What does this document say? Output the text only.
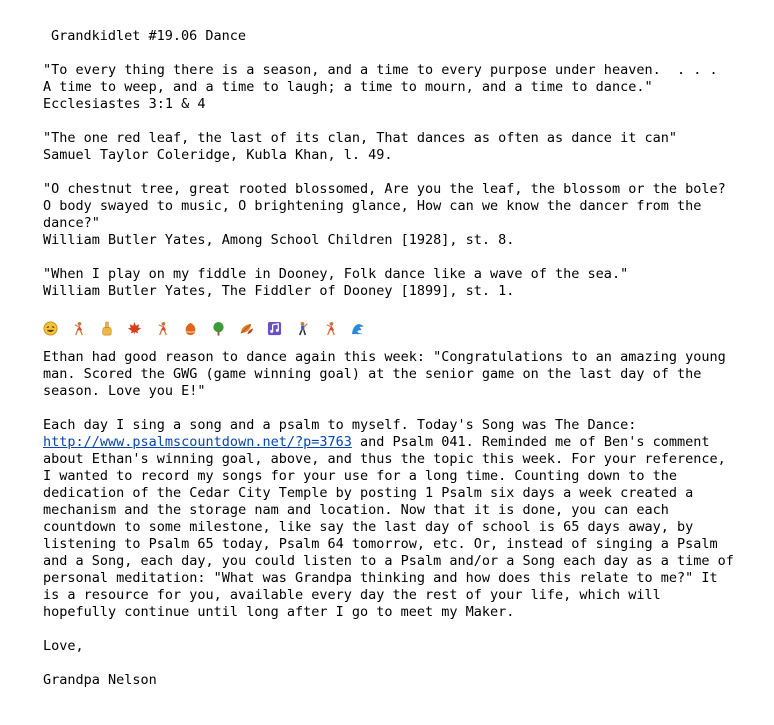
Grandkidlet #19.06 Dance
"To every thing there is a season, and a time to every purpose under heaven.  . . .
A time to weep, and a time to laugh; a time to mourn, and a time to dance."
Ecclesiastes 3:1 & 4
"The one red leaf, the last of its clan, That dances as often as dance it can"
Samuel Taylor Coleridge, Kubla Khan, l. 49.
"O chestnut tree, great rooted blossomed, Are you the leaf, the blossom or the bole?
O body swayed to music, O brightening glance, How can we know the dancer from the
dance?"
William Butler Yates, Among School Children [1928], st. 8.
"When I play on my fiddle in Dooney, Folk dance like a wave of the sea."
William Butler Yates, The Fiddler of Dooney [1899], st. 1.
Ethan had good reason to dance again this week: "Congratulations to an amazing young
man. Scored the GWG (game winning goal) at the senior game on the last day of the
season. Love you E!"
Each day I sing a song and a psalm to myself. Today's Song was The Dance:
http://www.psalmscountdown.net/?p=3763 and Psalm 041. Reminded me of Ben's comment
about Ethan's winning goal, above, and thus the topic this week. For your reference,
I wanted to record my songs for your use for a long time. Counting down to the
dedication of the Cedar City Temple by posting 1 Psalm six days a week created a
mechanism and the storage nam and location. Now that it is done, you can each
countdown to some milestone, like say the last day of school is 65 days away, by
listening to Psalm 65 today, Psalm 64 tomorrow, etc. Or, instead of singing a Psalm
and a Song, each day, you could listen to a Psalm and/or a Song each day as a time of
personal meditation: "What was Grandpa thinking and how does this relate to me?" It
is a resource for you, available every day the rest of your life, which will
hopefully continue until long after I go to meet my Maker.
Love,
Grandpa Nelson
